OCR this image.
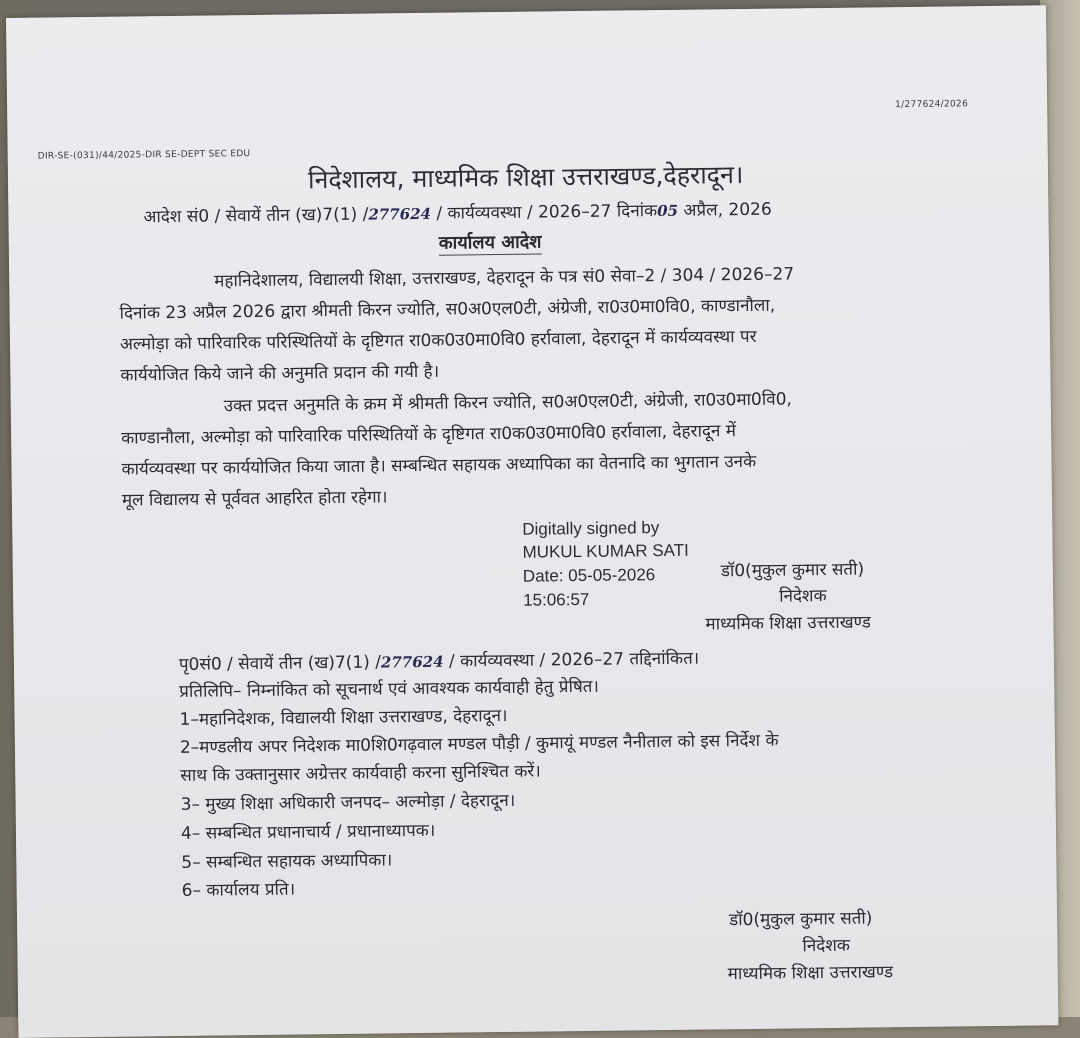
1/277624/2026
DIR-SE-(031)/44/2025-DIR SE-DEPT SEC EDU
निदेशालय, माध्यमिक शिक्षा उत्तराखण्ड,देहरादून।
आदेश सं0 / सेवायें तीन (ख)7(1) /277624 / कार्यव्यवस्था / 2026–27 दिनांक05 अप्रैल, 2026
कार्यालय आदेश
महानिदेशालय, विद्यालयी शिक्षा, उत्तराखण्ड, देहरादून के पत्र सं0 सेवा–2 / 304 / 2026–27
दिनांक 23 अप्रैल 2026 द्वारा श्रीमती किरन ज्योति, स0अ0एल0टी, अंग्रेजी, रा0उ0मा0वि0, काण्डानौला,
अल्मोड़ा को पारिवारिक परिस्थितियों के दृष्टिगत रा0क0उ0मा0वि0 हर्रावाला, देहरादून में कार्यव्यवस्था पर
कार्ययोजित किये जाने की अनुमति प्रदान की गयी है।
उक्त प्रदत्त अनुमति के क्रम में श्रीमती किरन ज्योति, स0अ0एल0टी, अंग्रेजी, रा0उ0मा0वि0,
काण्डानौला, अल्मोड़ा को पारिवारिक परिस्थितियों के दृष्टिगत रा0क0उ0मा0वि0 हर्रावाला, देहरादून में
कार्यव्यवस्था पर कार्ययोजित किया जाता है। सम्बन्धित सहायक अध्यापिका का वेतनादि का भुगतान उनके
मूल विद्यालय से पूर्ववत आहरित होता रहेगा।
Digitally signed by
MUKUL KUMAR SATI
Date: 05-05-2026
15:06:57
डॉ0(मुकुल कुमार सती)
निदेशक
माध्यमिक शिक्षा उत्तराखण्ड
पृ0सं0 / सेवायें तीन (ख)7(1) /277624 / कार्यव्यवस्था / 2026–27 तद्दिनांकित।
प्रतिलिपि– निम्नांकित को सूचनार्थ एवं आवश्यक कार्यवाही हेतु प्रेषित।
1–महानिदेशक, विद्यालयी शिक्षा उत्तराखण्ड, देहरादून।
2–मण्डलीय अपर निदेशक मा0शि0गढ़वाल मण्डल पौड़ी / कुमायूं मण्डल नैनीताल को इस निर्देश के
साथ कि उक्तानुसार अग्रेत्तर कार्यवाही करना सुनिश्चित करें।
3– मुख्य शिक्षा अधिकारी जनपद– अल्मोड़ा / देहरादून।
4– सम्बन्धित प्रधानाचार्य / प्रधानाध्यापक।
5– सम्बन्धित सहायक अध्यापिका।
6– कार्यालय प्रति।
डॉ0(मुकुल कुमार सती)
निदेशक
माध्यमिक शिक्षा उत्तराखण्ड
